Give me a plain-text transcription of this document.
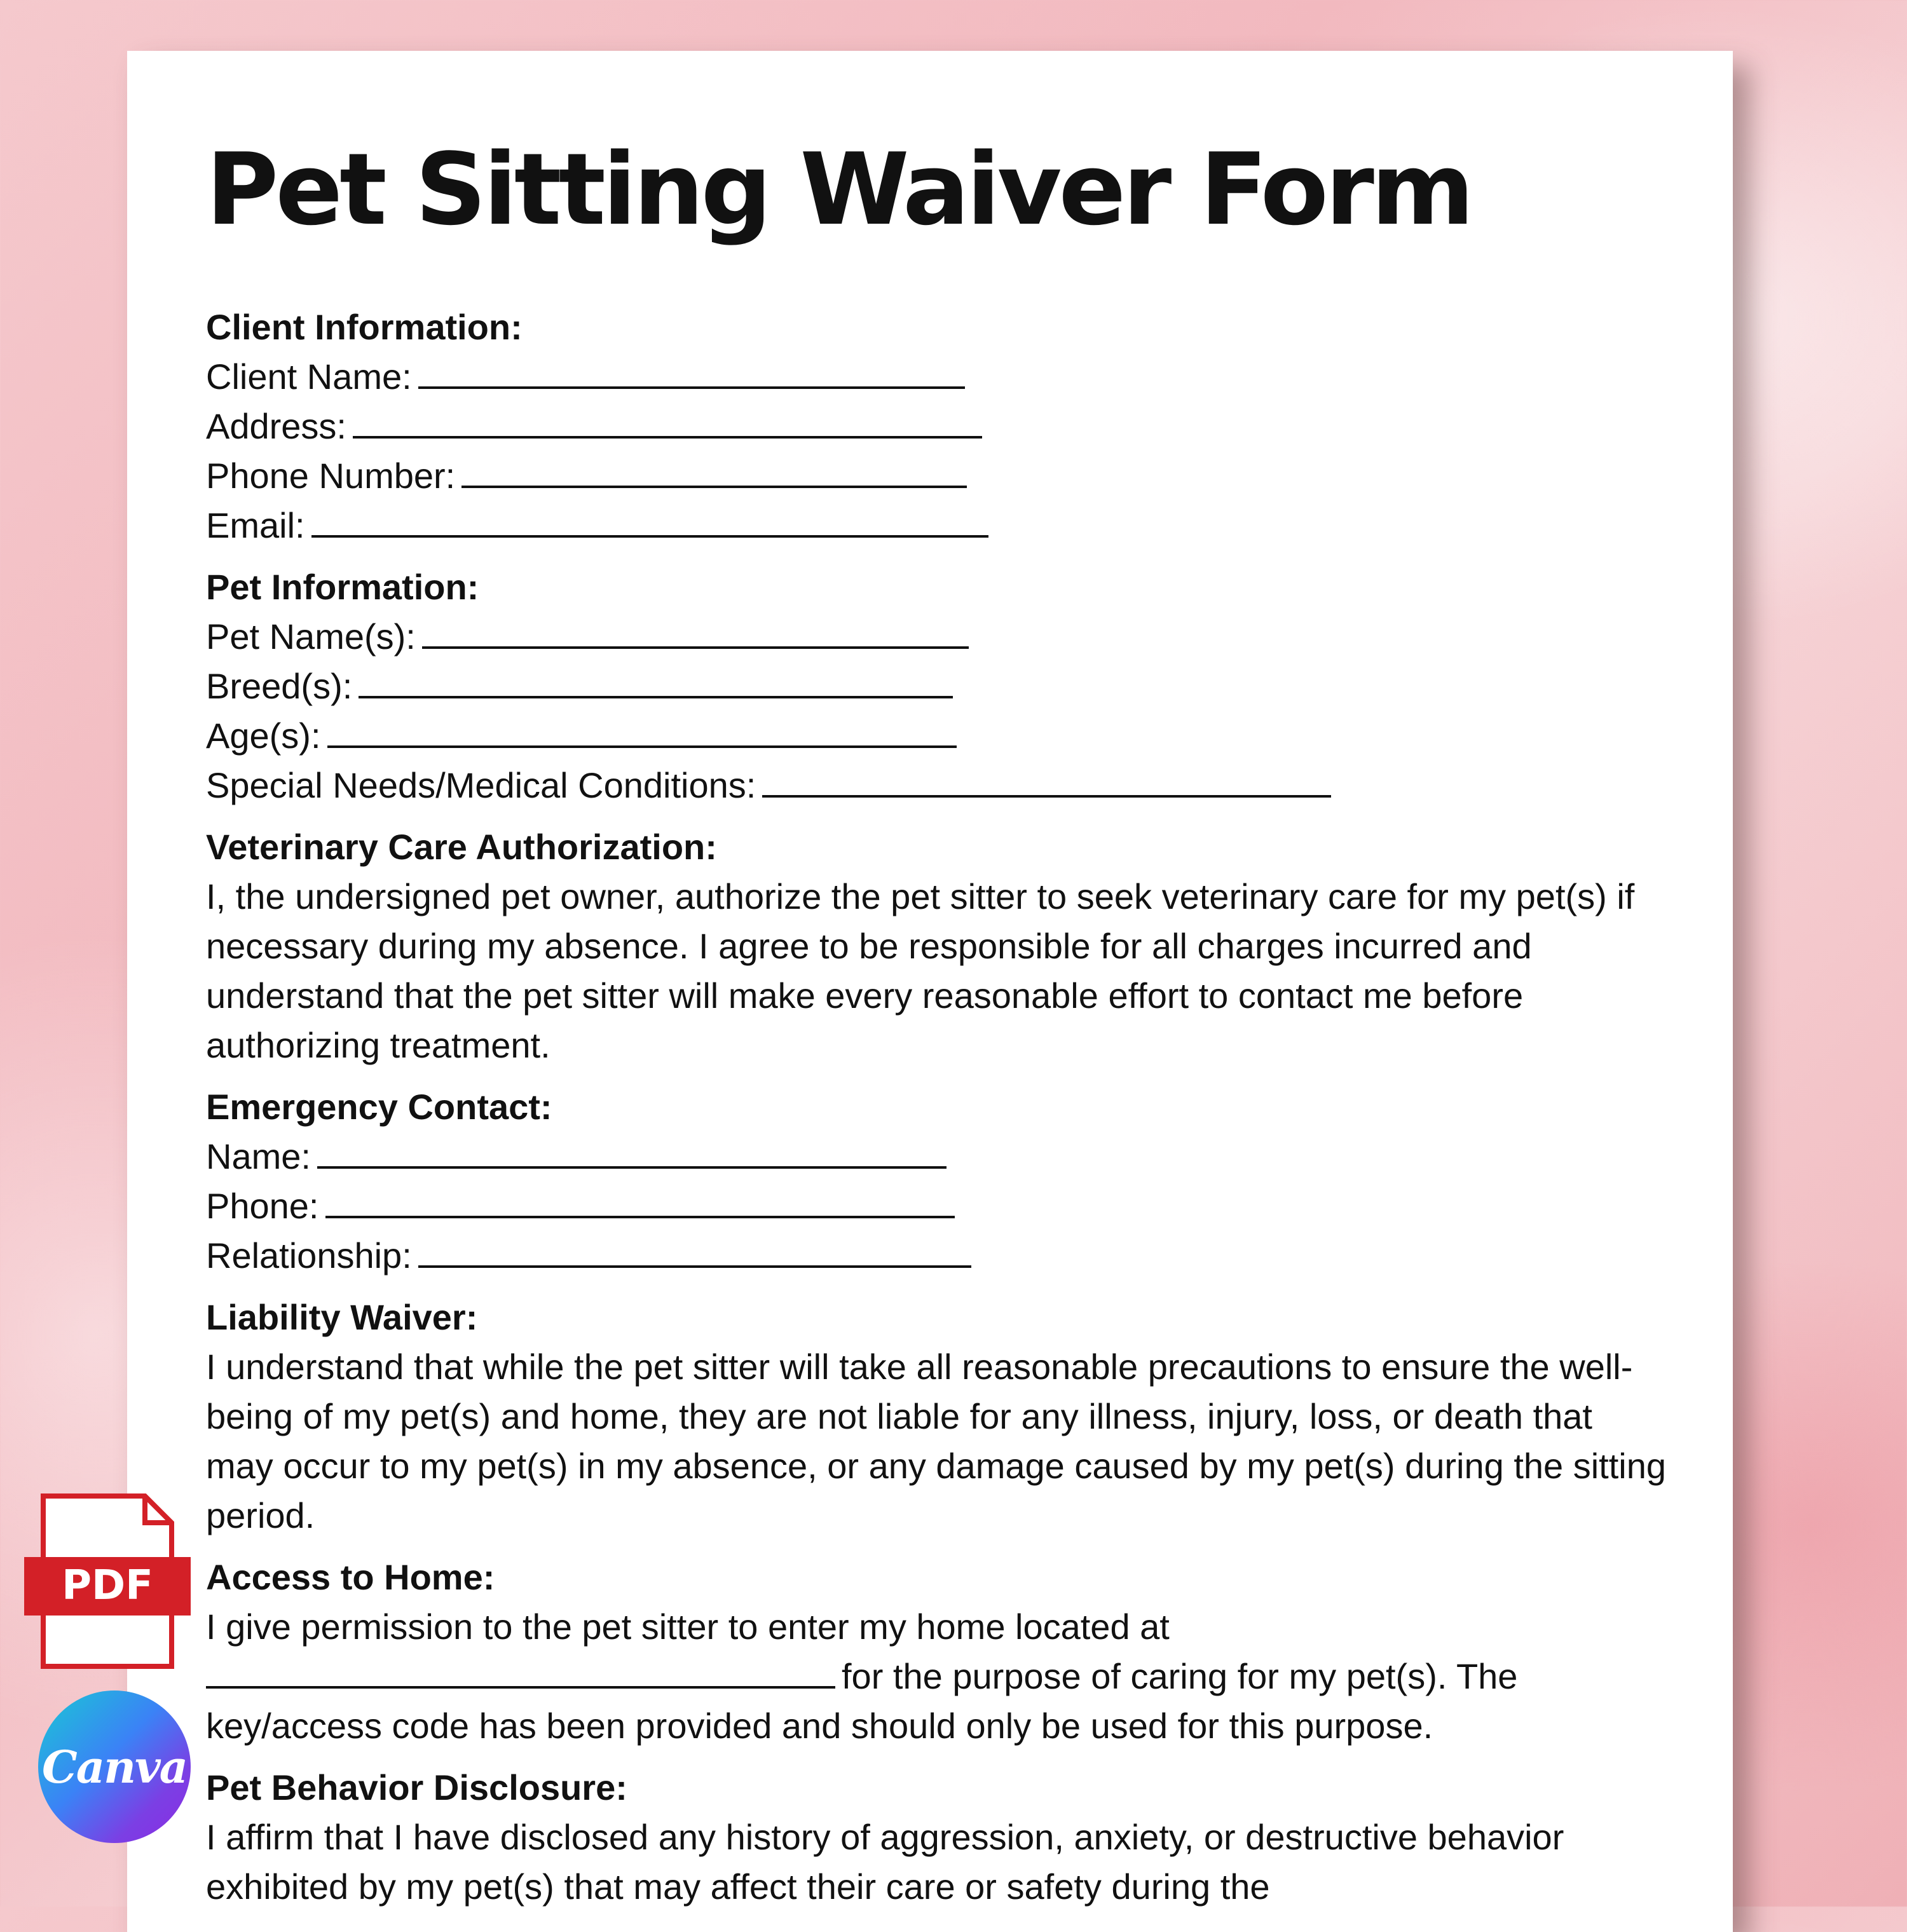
Pet Sitting Waiver Form
Client Information:
Client Name:
Address:
Phone Number:
Email:
Pet Information:
Pet Name(s):
Breed(s):
Age(s):
Special Needs/Medical Conditions:
Veterinary Care Authorization:

I, the undersigned pet owner, authorize the pet sitter to seek veterinary care for my pet(s) if necessary during my absence. I agree to be responsible for all charges incurred and understand that the pet sitter will make every reasonable effort to contact me before authorizing treatment.

Emergency Contact:
Name:
Phone:
Relationship:
Liability Waiver:

I understand that while the pet sitter will take all reasonable precautions to ensure the well-being of my pet(s) and home, they are not liable for any illness, injury, loss, or death that may occur to my pet(s) in my absence, or any damage caused by my pet(s) during the sitting period.

Access to Home:

I give permission to the pet sitter to enter my home located at
for the purpose of caring for my pet(s). The key/access code has been provided and should only be used for this purpose.

Pet Behavior Disclosure:

I affirm that I have disclosed any history of aggression, anxiety, or destructive behavior exhibited by my pet(s) that may affect their care or safety during the

PDF
Canva
